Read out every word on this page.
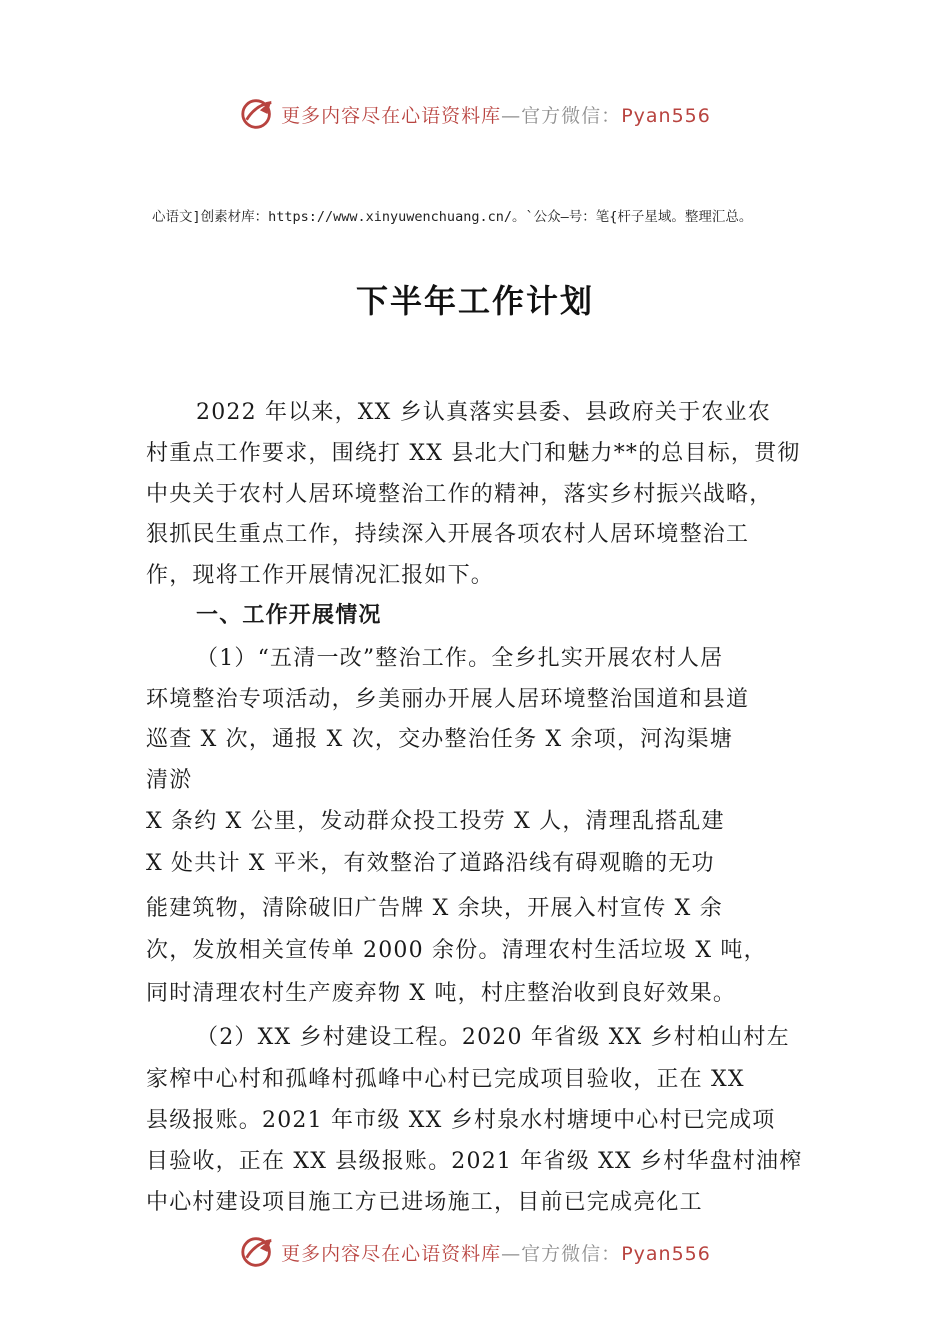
更多内容尽在心语资料库—官方微信：Pyan556
心语文]创素材库：https://www.xinyuwenchuang.cn/。`公众—号：笔{杆子星域。整理汇总。
下半年工作计划
2022 年以来，XX 乡认真落实县委、县政府关于农业农
村重点工作要求，围绕打 XX 县北大门和魅力**的总目标，贯彻
中央关于农村人居环境整治工作的精神，落实乡村振兴战略，
狠抓民生重点工作，持续深入开展各项农村人居环境整治工
作，现将工作开展情况汇报如下。
一、工作开展情况
（1）“五清一改”整治工作。全乡扎实开展农村人居
环境整治专项活动，乡美丽办开展人居环境整治国道和县道
巡查 X 次，通报 X 次，交办整治任务 X 余项，河沟渠塘
清淤
X 条约 X 公里，发动群众投工投劳 X 人，清理乱搭乱建
X 处共计 X 平米，有效整治了道路沿线有碍观瞻的无功
能建筑物，清除破旧广告牌 X 余块，开展入村宣传 X 余
次，发放相关宣传单 2000 余份。清理农村生活垃圾 X 吨，
同时清理农村生产废弃物 X 吨，村庄整治收到良好效果。
（2）XX 乡村建设工程。2020 年省级 XX 乡村柏山村左
家榨中心村和孤峰村孤峰中心村已完成项目验收，正在 XX
县级报账。2021 年市级 XX 乡村泉水村塘埂中心村已完成项
目验收，正在 XX 县级报账。2021 年省级 XX 乡村华盘村油榨
中心村建设项目施工方已进场施工，目前已完成亮化工
更多内容尽在心语资料库—官方微信：Pyan556
